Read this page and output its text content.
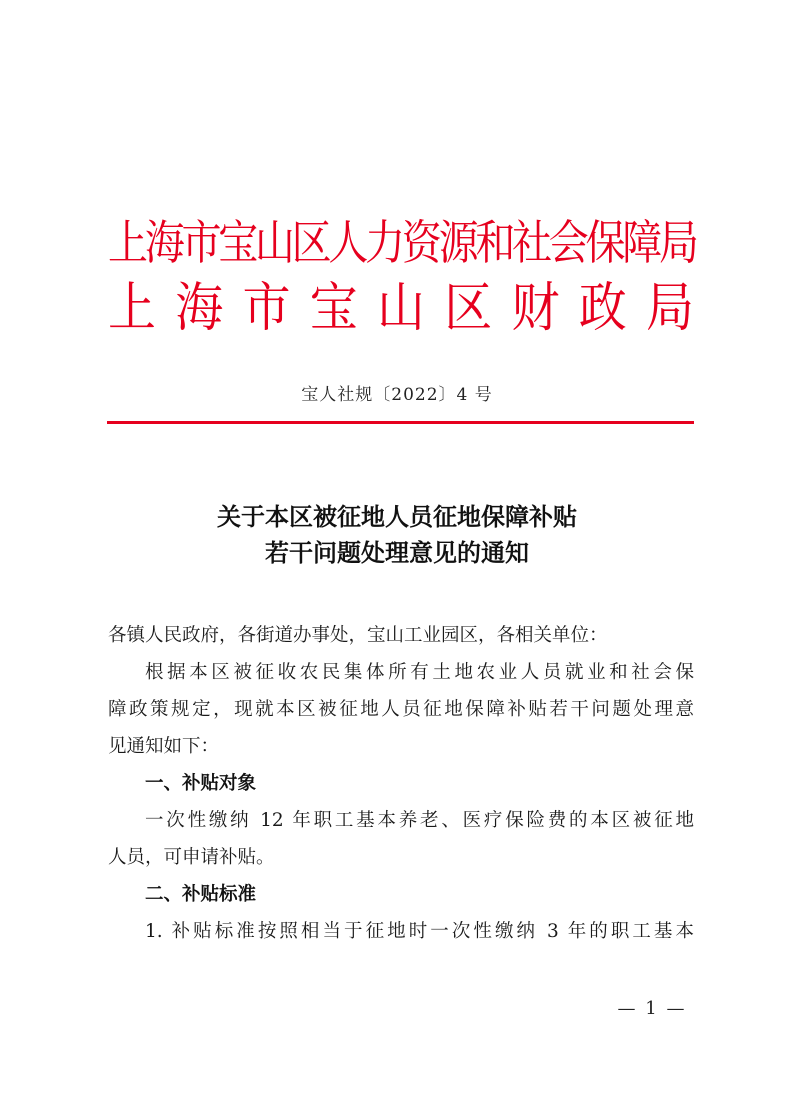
上海市宝山区人力资源和社会保障局
上 海 市 宝 山 区 财 政 局
宝人社规〔2022〕4 号
关于本区被征地人员征地保障补贴
若干问题处理意见的通知
各镇人民政府，各街道办事处，宝山工业园区，各相关单位：
根据本区被征收农民集体所有土地农业人员就业和社会保
障政策规定，现就本区被征地人员征地保障补贴若干问题处理意
见通知如下：
一、补贴对象
一次性缴纳 12 年职工基本养老、医疗保险费的本区被征地
人员，可申请补贴。
二、补贴标准
1. 补贴标准按照相当于征地时一次性缴纳 3 年的职工基本
— 1 —
